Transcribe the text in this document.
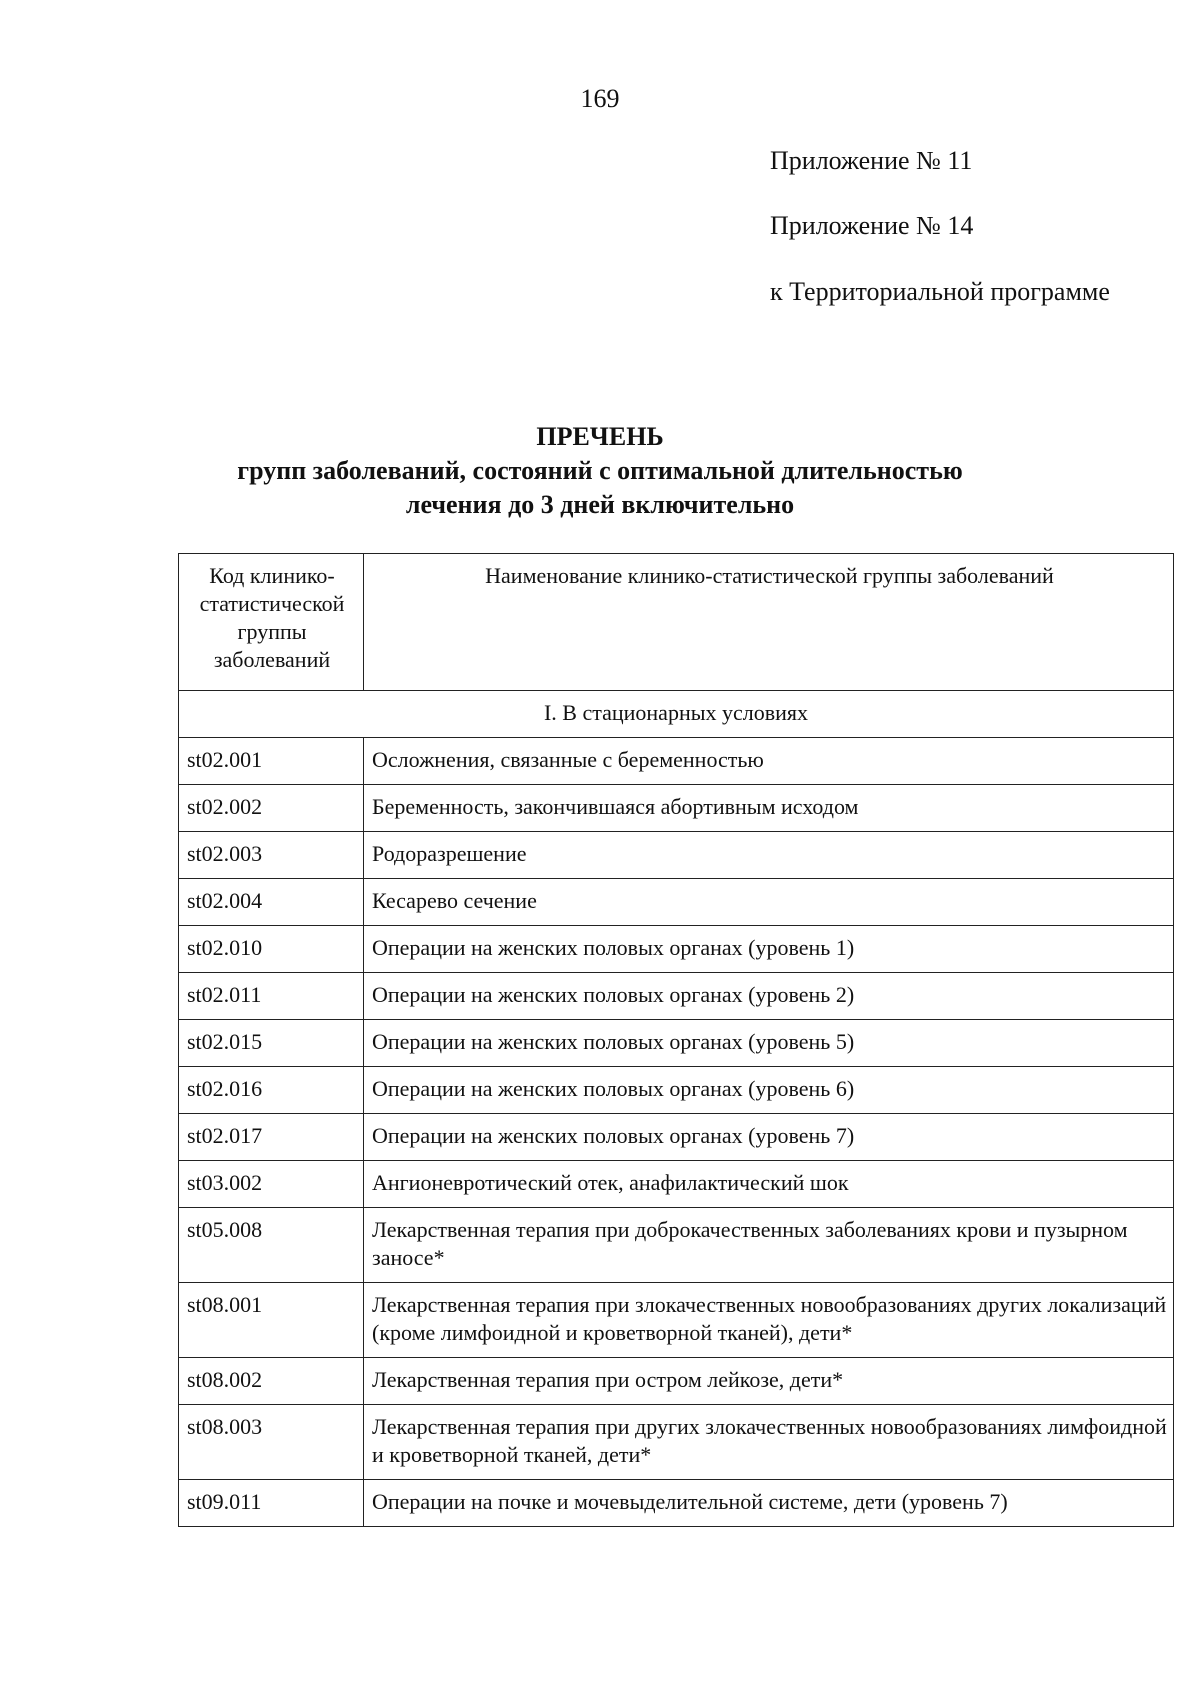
169
Приложение № 11
Приложение № 14
к Территориальной программе
ПРЕЧЕНЬ
групп заболеваний, состояний с оптимальной длительностью
лечения до 3 дней включительно
Код клинико-
статистической
группы
заболеваний	Наименование клинико-статистической группы заболеваний
I. В стационарных условиях	
st02.001	Осложнения, связанные с беременностью
st02.002	Беременность, закончившаяся абортивным исходом
st02.003	Родоразрешение
st02.004	Кесарево сечение
st02.010	Операции на женских половых органах (уровень 1)
st02.011	Операции на женских половых органах (уровень 2)
st02.015	Операции на женских половых органах (уровень 5)
st02.016	Операции на женских половых органах (уровень 6)
st02.017	Операции на женских половых органах (уровень 7)
st03.002	Ангионевротический отек, анафилактический шок
st05.008	Лекарственная терапия при доброкачественных заболеваниях крови и пузырном заносе*
st08.001	Лекарственная терапия при злокачественных новообразованиях других локализаций (кроме лимфоидной и кроветворной тканей), дети*
st08.002	Лекарственная терапия при остром лейкозе, дети*
st08.003	Лекарственная терапия при других злокачественных новообразованиях лимфоидной и кроветворной тканей, дети*
st09.011	Операции на почке и мочевыделительной системе, дети (уровень 7)
